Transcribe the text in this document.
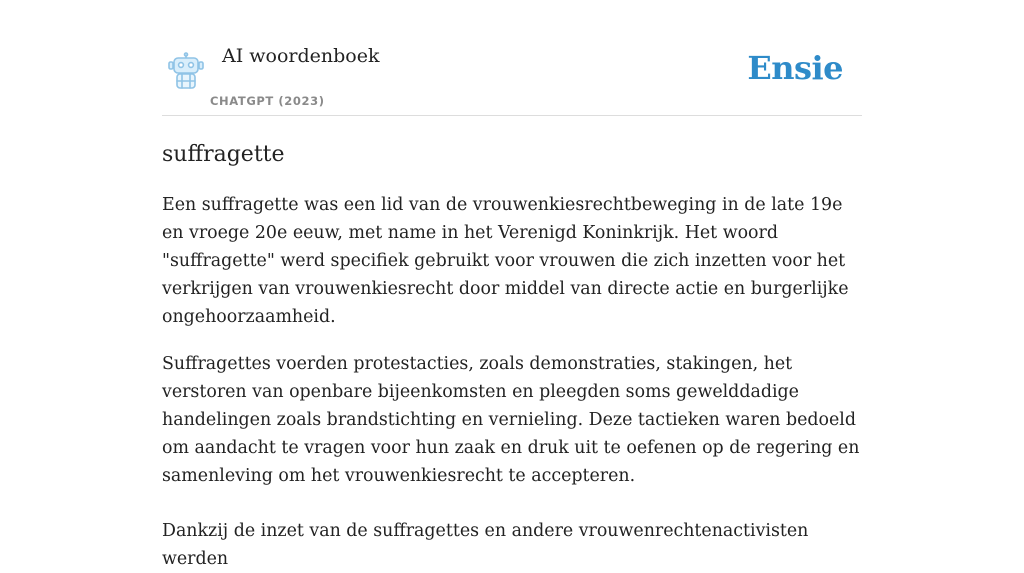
AI woordenboek
CHATGPT (2023)
Ensie
suffragette

Een suffragette was een lid van de vrouwenkiesrechtbeweging in de late 19e en vroege 20e eeuw, met name in het Verenigd Koninkrijk. Het woord "suffragette" werd specifiek gebruikt voor vrouwen die zich inzetten voor het verkrijgen van vrouwenkiesrecht door middel van directe actie en burgerlijke ongehoorzaamheid.

Suffragettes voerden protestacties, zoals demonstraties, stakingen, het verstoren van openbare bijeenkomsten en pleegden soms gewelddadige handelingen zoals brandstichting en vernieling. Deze tactieken waren bedoeld om aandacht te vragen voor hun zaak en druk uit te oefenen op de regering en samenleving om het vrouwenkiesrecht te accepteren.

Dankzij de inzet van de suffragettes en andere vrouwenrechtenactivisten werden
